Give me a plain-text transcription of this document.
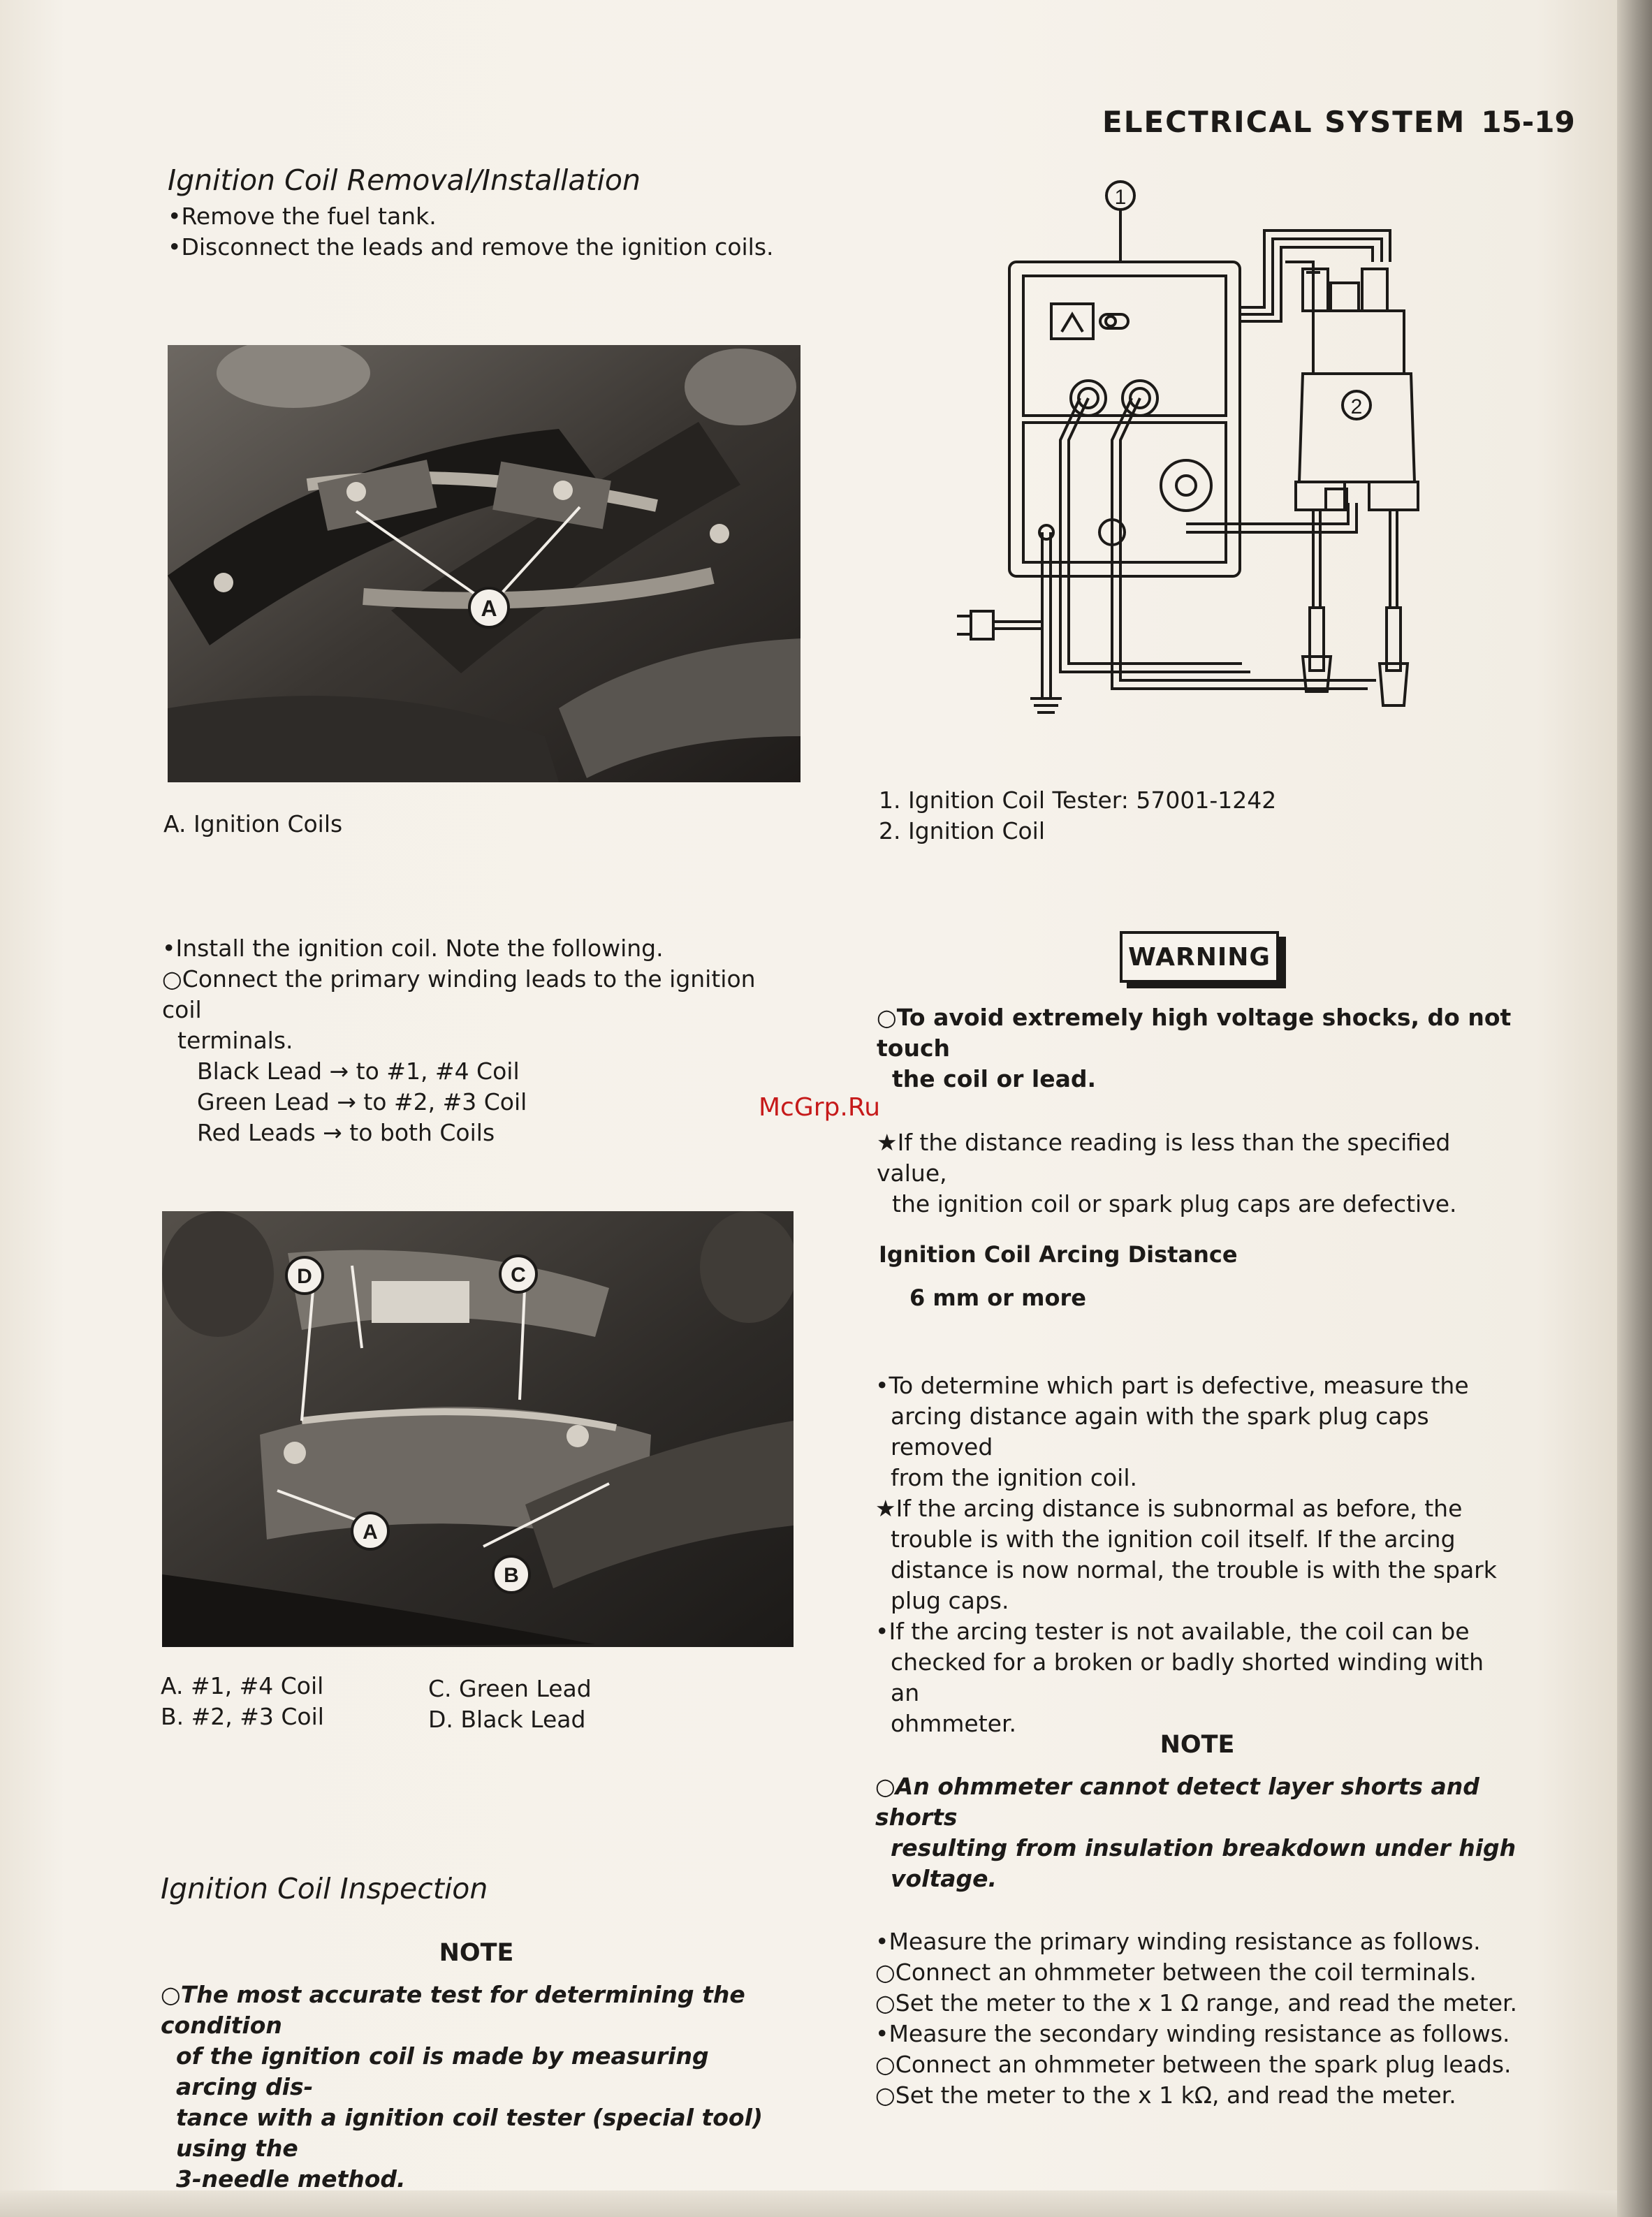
ELECTRICAL SYSTEM 15-19
Ignition Coil Removal/Installation

•Remove the fuel tank.

•Disconnect the leads and remove the ignition coils.

A
A. Ignition Coils

•Install the ignition coil. Note the following.

○Connect the primary winding leads to the ignition coil

terminals.

Black Lead → to #1, #4 Coil

Green Lead → to #2, #3 Coil

Red Leads → to both Coils

D	C
A
B

A. #1, #4 Coil

B. #2, #3 Coil

C. Green Lead

D. Black Lead

Ignition Coil Inspection
NOTE

○The most accurate test for determining the condition

of the ignition coil is made by measuring arcing dis-

tance with a ignition coil tester (special tool) using the

3-needle method.

1
2

1. Ignition Coil Tester: 57001-1242

2. Ignition Coil

WARNING

○To avoid extremely high voltage shocks, do not touch

the coil or lead.

McGrp.Ru

★If the distance reading is less than the specified value,

the ignition coil or spark plug caps are defective.

Ignition Coil Arcing Distance
6 mm or more

•To determine which part is defective, measure the

arcing distance again with the spark plug caps removed

from the ignition coil.

★If the arcing distance is subnormal as before, the

trouble is with the ignition coil itself. If the arcing

distance is now normal, the trouble is with the spark

plug caps.

•If the arcing tester is not available, the coil can be

checked for a broken or badly shorted winding with an

ohmmeter.

NOTE

○An ohmmeter cannot detect layer shorts and shorts

resulting from insulation breakdown under high

voltage.

•Measure the primary winding resistance as follows.

○Connect an ohmmeter between the coil terminals.

○Set the meter to the x 1 Ω range, and read the meter.

•Measure the secondary winding resistance as follows.

○Connect an ohmmeter between the spark plug leads.

○Set the meter to the x 1 kΩ, and read the meter.
